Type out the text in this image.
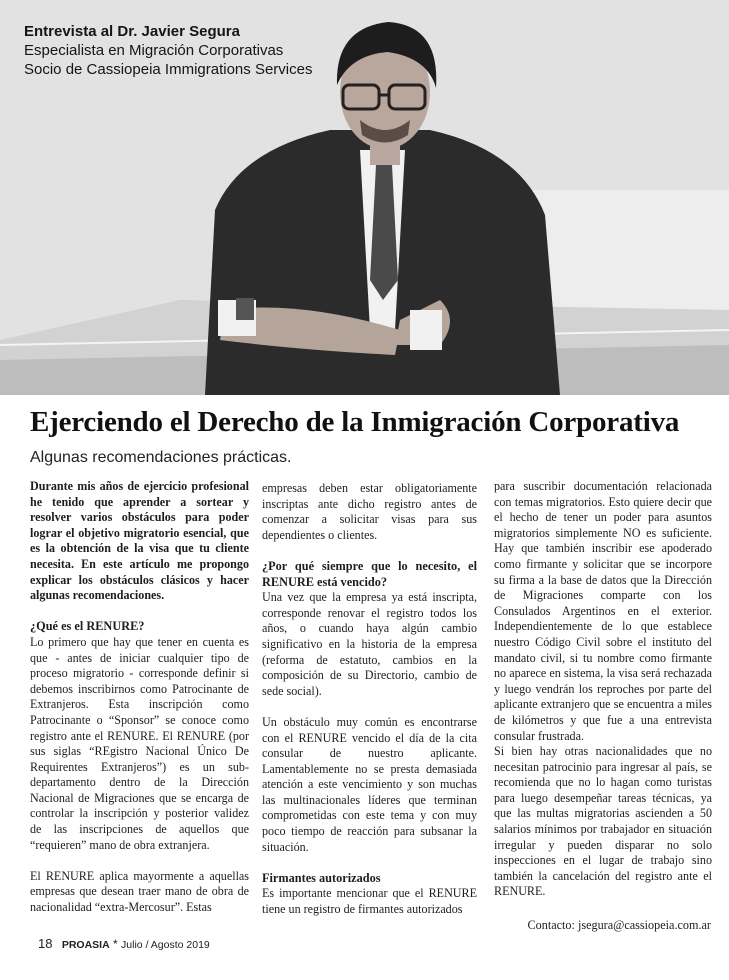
Entrevista al Dr. Javier Segura
Especialista en Migración Corporativas
Socio de Cassiopeia Immigrations Services
Ejerciendo el Derecho de la Inmigración Corporativa
Algunas recomendaciones prácticas.

Durante mis años de ejercicio profesional he tenido que aprender a sortear y resolver varios obstáculos para poder lograr el objetivo migratorio esencial, que es la obtención de la visa que tu cliente necesita. En este artículo me propongo explicar los obstáculos clásicos y hacer algunas recomendaciones.

¿Qué es el RENURE?

Lo primero que hay que tener en cuenta es que - antes de iniciar cualquier tipo de proceso migratorio - corresponde definir si debemos inscribirnos como Patrocinante de Extranjeros. Esta inscripción como Patrocinante o “Sponsor” se conoce como registro ante el RENURE. El RENURE (por sus siglas “REgistro Nacional Único De Requirentes Extranjeros”) es un sub-departamento dentro de la Dirección Nacional de Migraciones que se encarga de controlar la inscripción y posterior validez de las inscripciones de aquellos que “requieren” mano de obra extranjera.

El RENURE aplica mayormente a aquellas empresas que desean traer mano de obra de nacionalidad “extra-Mercosur”. Estas

empresas deben estar obligatoriamente inscriptas ante dicho registro antes de comenzar a solicitar visas para sus dependientes o clientes.

¿Por qué siempre que lo necesito, el RENURE está vencido?

Una vez que la empresa ya está inscripta, corresponde renovar el registro todos los años, o cuando haya algún cambio significativo en la historia de la empresa (reforma de estatuto, cambios en la composición de su Directorio, cambio de sede social).

Un obstáculo muy común es encontrarse con el RENURE vencido el día de la cita consular de nuestro aplicante. Lamentablemente no se presta demasiada atención a este vencimiento y son muchas las multinacionales líderes que terminan comprometidas con este tema y con muy poco tiempo de reacción para subsanar la situación.

Firmantes autorizados

Es importante mencionar que el RENURE tiene un registro de firmantes autorizados

para suscribir documentación relacionada con temas migratorios. Esto quiere decir que el hecho de tener un poder para asuntos migratorios simplemente NO es suficiente. Hay que también inscribir ese apoderado como firmante y solicitar que se incorpore su firma a la base de datos que la Dirección de Migraciones comparte con los Consulados Argentinos en el exterior. Independientemente de lo que establece nuestro Código Civil sobre el instituto del mandato civil, si tu nombre como firmante no aparece en sistema, la visa será rechazada y luego vendrán los reproches por parte del aplicante extranjero que se encuentra a miles de kilómetros y que fue a una entrevista consular frustrada.

Si bien hay otras nacionalidades que no necesitan patrocinio para ingresar al país, se recomienda que no lo hagan como turistas para luego desempeñar tareas técnicas, ya que las multas migratorias ascienden a 50 salarios mínimos por trabajador en situación irregular y pueden disparar no solo inspecciones en el lugar de trabajo sino también la cancelación del registro ante el RENURE.

Contacto: jsegura@cassiopeia.com.ar
18 PROASIA * Julio / Agosto 2019
